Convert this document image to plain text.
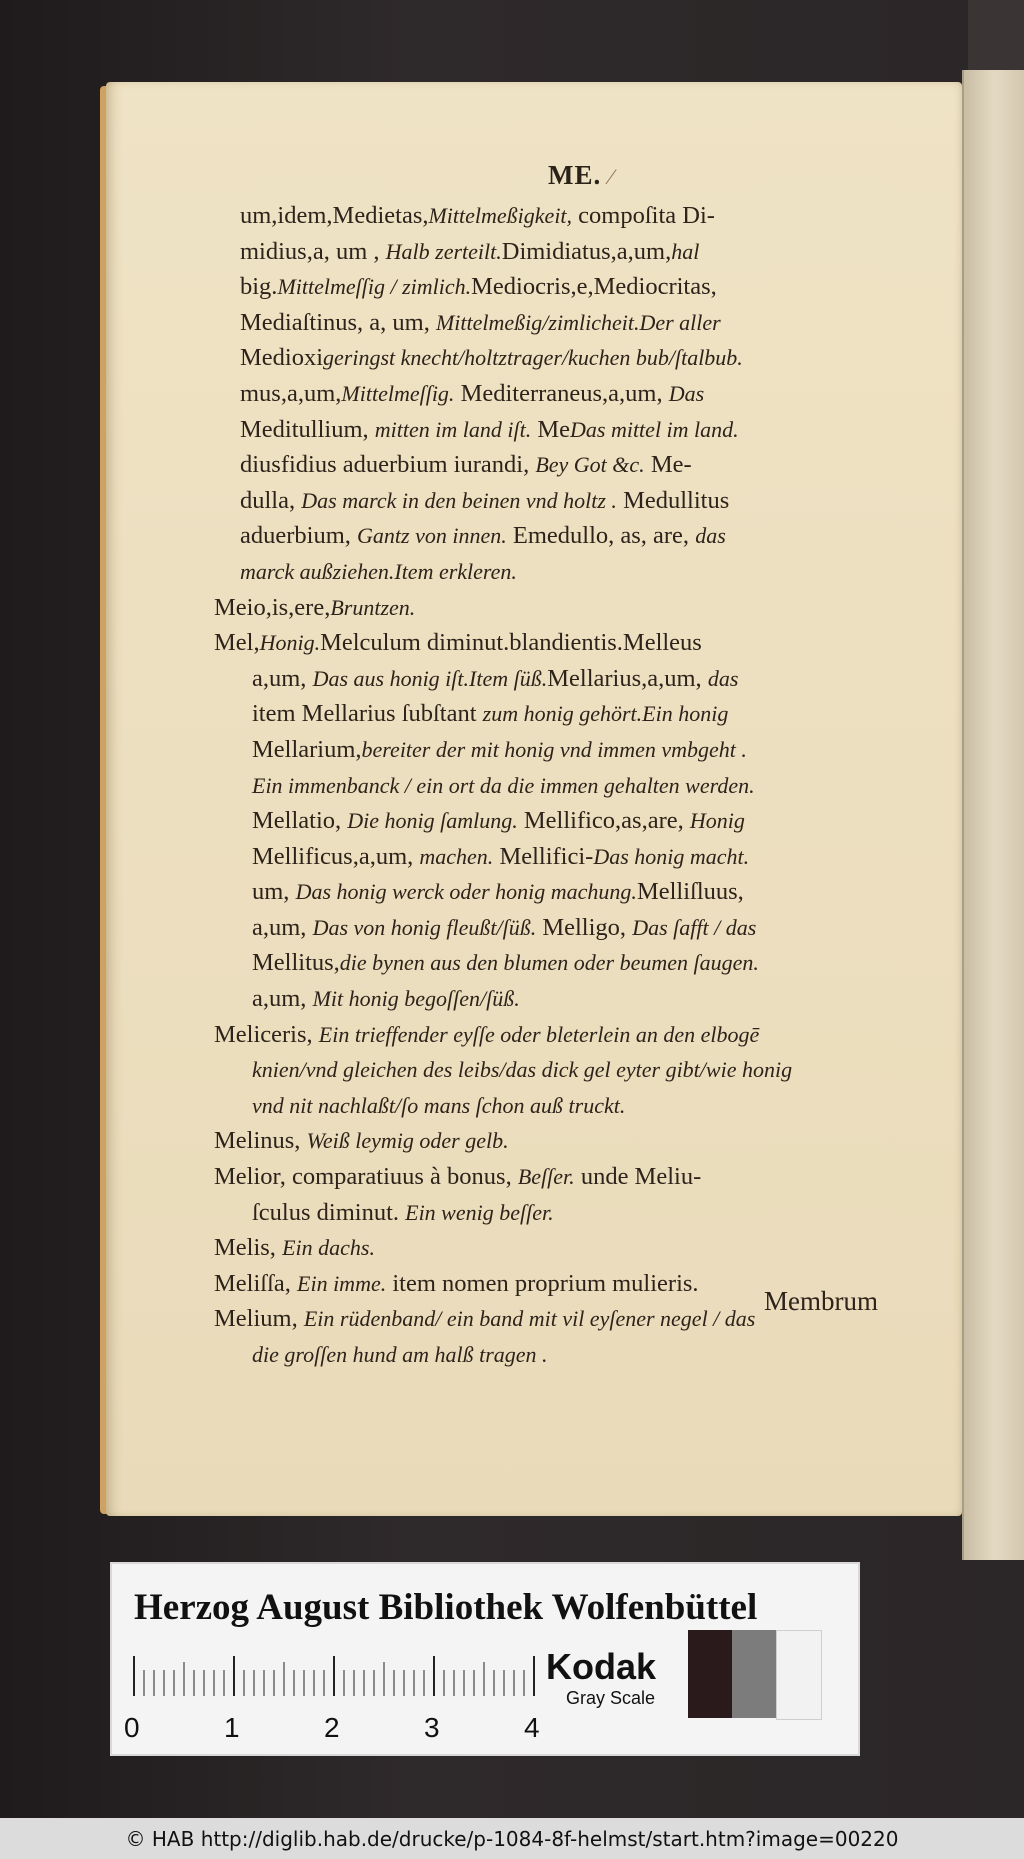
ME. ⁄
um,idem,Medietas,Mittelmeßigkeit, compoſita Di-
midius,a, um , Halb zerteilt.Dimidiatus,a,um,hal
big.Mittelmeſſig / zimlich.Mediocris,e,Mediocritas,
Mediaſtinus, a, um, Mittelmeßig/zimlicheit.Der aller
Medioxigeringst knecht/holtztrager/kuchen bub/ſtalbub.
mus,a,um,Mittelmeſſig. Mediterraneus,a,um, Das
Meditullium, mitten im land iſt. MeDas mittel im land.
diusfidius aduerbium iurandi, Bey Got &c. Me-
dulla, Das marck in den beinen vnd holtz . Medullitus
aduerbium, Gantz von innen. Emedullo, as, are, das
marck außziehen.Item erkleren.
Meio,is,ere,Bruntzen.
Mel,Honig.Melculum diminut.blandientis.Melleus
a,um, Das aus honig iſt.Item ſüß.Mellarius,a,um, das
item Mellarius ſubſtant zum honig gehört.Ein honig
Mellarium,bereiter der mit honig vnd immen vmbgeht .
Ein immenbanck / ein ort da die immen gehalten werden.
Mellatio, Die honig ſamlung. Mellifico,as,are, Honig
Mellificus,a,um, machen. Mellifici-Das honig macht.
um, Das honig werck oder honig machung.Melliſluus,
a,um, Das von honig fleußt/ſüß. Melligo, Das ſafft / das
Mellitus,die bynen aus den blumen oder beumen ſaugen.
a,um, Mit honig begoſſen/ſüß.
Meliceris, Ein trieffender eyſſe oder bleterlein an den elbogē
knien/vnd gleichen des leibs/das dick gel eyter gibt/wie honig
vnd nit nachlaßt/ſo mans ſchon auß truckt.
Melinus, Weiß leymig oder gelb.
Melior, comparatiuus à bonus, Beſſer. unde Meliu-
ſculus diminut. Ein wenig beſſer.
Melis, Ein dachs.
Meliſſa, Ein imme. item nomen proprium mulieris.
Melium, Ein rüdenband/ ein band mit vil eyſener negel / das
die groſſen hund am halß tragen .
Membrum
Herzog August Bibliothek Wolfenbüttel
0	1	2	3	4
Kodak
Gray Scale
© HAB http://diglib.hab.de/drucke/p-1084-8f-helmst/start.htm?image=00220
